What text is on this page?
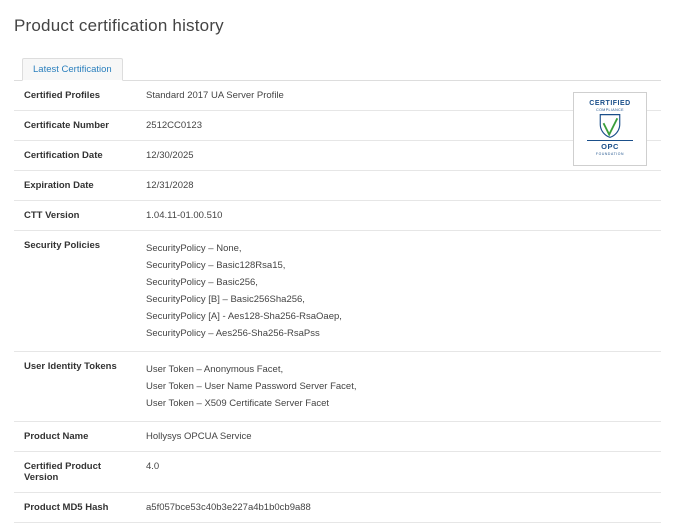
Product certification history
Latest Certification
CERTIFIED
COMPLIANCE
OPC
FOUNDATION
Certified Profiles	Standard 2017 UA Server Profile
Certificate Number	2512CC0123
Certification Date	12/30/2025
Expiration Date	12/31/2028
CTT Version	1.04.11-01.00.510
Security Policies	SecurityPolicy – None,
SecurityPolicy – Basic128Rsa15,
SecurityPolicy – Basic256,
SecurityPolicy [B] – Basic256Sha256,
SecurityPolicy [A] - Aes128-Sha256-RsaOaep,
SecurityPolicy – Aes256-Sha256-RsaPss

User Identity Tokens	User Token – Anonymous Facet,
User Token – User Name Password Server Facet,
User Token – X509 Certificate Server Facet

Product Name	Hollysys OPCUA Service
Certified Product Version	4.0
Product MD5 Hash	a5f057bce53c40b3e227a4b1b0cb9a88
